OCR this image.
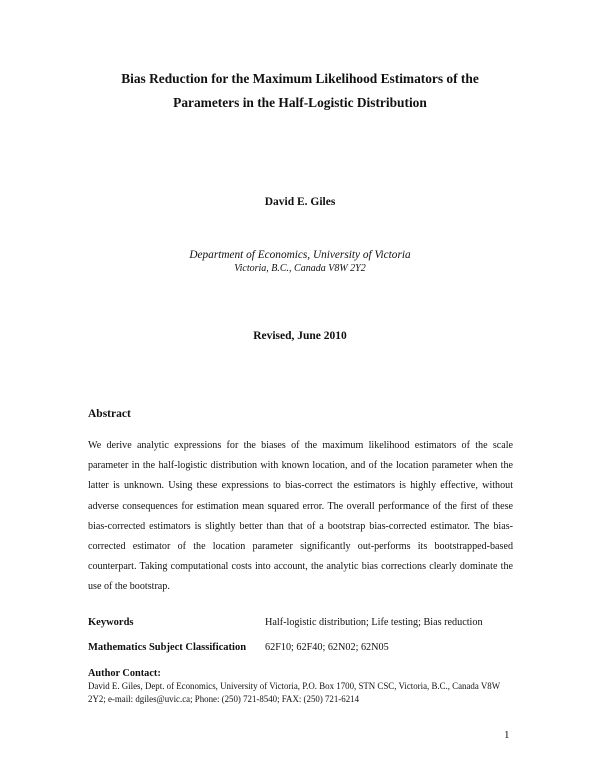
Bias Reduction for the Maximum Likelihood Estimators of the
Parameters in the Half-Logistic Distribution
David E. Giles
Department of Economics, University of Victoria
Victoria, B.C., Canada V8W 2Y2
Revised, June 2010
Abstract
We derive analytic expressions for the biases of the maximum likelihood estimators of the scale parameter in the half-logistic distribution with known location, and of the location parameter when the latter is unknown. Using these expressions to bias-correct the estimators is highly effective, without adverse consequences for estimation mean squared error. The overall performance of the first of these bias-corrected estimators is slightly better than that of a bootstrap bias-corrected estimator. The bias-corrected estimator of the location parameter significantly out-performs its bootstrapped-based counterpart. Taking computational costs into account, the analytic bias corrections clearly dominate the use of the bootstrap.
Keywords	Half-logistic distribution; Life testing; Bias reduction
Mathematics Subject Classification 62F10; 62F40; 62N02; 62N05
Author Contact:
David E. Giles, Dept. of Economics, University of Victoria, P.O. Box 1700, STN CSC, Victoria, B.C., Canada V8W 2Y2; e-mail: dgiles@uvic.ca; Phone: (250) 721-8540; FAX: (250) 721-6214
1
